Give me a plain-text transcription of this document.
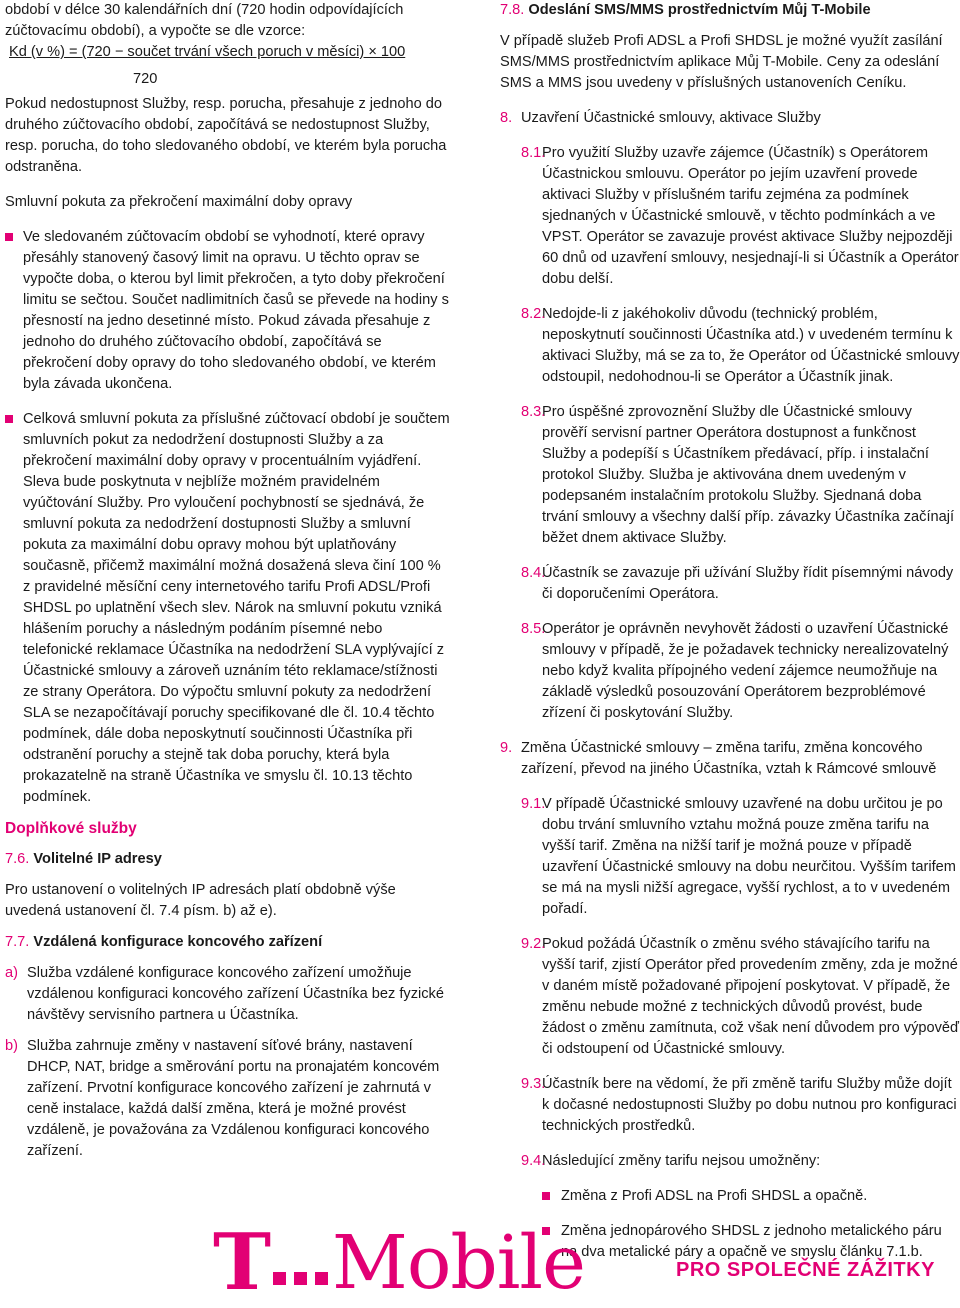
období v délce 30 kalendářních dní (720 hodin odpovídajících zúčtovacímu období), a vypočte se dle vzorce:

Kd (v %) = (720 − součet trvání všech poruch v měsíci) × 100
720

Pokud nedostupnost Služby, resp. porucha, přesahuje z jednoho do druhého zúčtovacího období, započítává se nedostupnost Služby, resp. porucha, do toho sledovaného období, ve kterém byla porucha odstraněna.

Smluvní pokuta za překročení maximální doby opravy

Ve sledovaném zúčtovacím období se vyhodnotí, které opravy přesáhly stanovený časový limit na opravu. U těchto oprav se vypočte doba, o kterou byl limit překročen, a tyto doby překročení limitu se sečtou. Součet nadlimitních časů se převede na hodiny s přesností na jedno desetinné místo. Pokud závada přesahuje z jednoho do druhého zúčtovacího období, započítává se překročení doby opravy do toho sledovaného období, ve kterém byla závada ukončena.

Celková smluvní pokuta za příslušné zúčtovací období je součtem smluvních pokut za nedodržení dostupnosti Služby a za překročení maximální doby opravy v procentuálním vyjádření. Sleva bude poskytnuta v nejblíže možném pravidelném vyúčtování Služby. Pro vyloučení pochybností se sjednává, že smluvní pokuta za nedodržení dostupnosti Služby a smluvní pokuta za maximální dobu opravy mohou být uplatňovány současně, přičemž maximální možná dosažená sleva činí 100 % z pravidelné měsíční ceny internetového tarifu Profi ADSL/Profi SHDSL po uplatnění všech slev. Nárok na smluvní pokutu vzniká hlášením poruchy a následným podáním písemné nebo telefonické reklamace Účastníka na nedodržení SLA vyplývající z Účastnické smlouvy a zároveň uznáním této reklamace/stížnosti ze strany Operátora. Do výpočtu smluvní pokuty za nedodržení SLA se nezapočítávají poruchy specifikované dle čl. 10.4 těchto podmínek, dále doba neposkytnutí součinnosti Účastníka při odstranění poruchy a stejně tak doba poruchy, která byla prokazatelně na straně Účastníka ve smyslu čl. 10.13 těchto podmínek.

Doplňkové služby

7.6. Volitelné IP adresy

Pro ustanovení o volitelných IP adresách platí obdobně výše uvedená ustanovení čl. 7.4 písm. b) až e).

7.7. Vzdálená konfigurace koncového zařízení

a) Služba vzdálené konfigurace koncového zařízení umožňuje vzdálenou konfiguraci koncového zařízení Účastníka bez fyzické návštěvy servisního partnera u Účastníka.

b) Služba zahrnuje změny v nastavení síťové brány, nastavení DHCP, NAT, bridge a směrování portu na pronajatém koncovém zařízení. Prvotní konfigurace koncového zařízení je zahrnutá v ceně instalace, každá další změna, která je možné provést vzdáleně, je považována za Vzdálenou konfiguraci koncového zařízení.

7.8. Odeslání SMS/MMS prostřednictvím Můj T-Mobile

V případě služeb Profi ADSL a Profi SHDSL je možné využít zasílání SMS/MMS prostřednictvím aplikace Můj T-Mobile. Ceny za odeslání SMS a MMS jsou uvedeny v příslušných ustanoveních Ceníku.

8. Uzavření Účastnické smlouvy, aktivace Služby

8.1.

Pro využití Služby uzavře zájemce (Účastník) s Operátorem Účastnickou smlouvu. Operátor po jejím uzavření provede aktivaci Služby v příslušném tarifu zejména za podmínek sjednaných v Účastnické smlouvě, v těchto podmínkách a ve VPST. Operátor se zavazuje provést aktivace Služby nejpozději 60 dnů od uzavření smlouvy, nesjednají-li si Účastník a Operátor dobu delší.

8.2.

Nedojde-li z jakéhokoliv důvodu (technický problém, neposkytnutí součinnosti Účastníka atd.) v uvedeném termínu k aktivaci Služby, má se za to, že Operátor od Účastnické smlouvy odstoupil, nedohodnou-li se Operátor a Účastník jinak.

8.3.

Pro úspěšné zprovoznění Služby dle Účastnické smlouvy prověří servisní partner Operátora dostupnost a funkčnost Služby a podepíší s Účastníkem předávací, příp. i instalační protokol Služby. Služba je aktivována dnem uvedeným v podepsaném instalačním protokolu Služby. Sjednaná doba trvání smlouvy a všechny další příp. závazky Účastníka začínají běžet dnem aktivace Služby.

8.4.

Účastník se zavazuje při užívání Služby řídit písemnými návody či doporučeními Operátora.

8.5.

Operátor je oprávněn nevyhovět žádosti o uzavření Účastnické smlouvy v případě, že je požadavek technicky nerealizovatelný nebo když kvalita přípojného vedení zájemce neumožňuje na základě výsledků posouzování Operátorem bezproblémové zřízení či poskytování Služby.

9. Změna Účastnické smlouvy – změna tarifu, změna koncového zařízení, převod na jiného Účastníka, vztah k Rámcové smlouvě

9.1.

V případě Účastnické smlouvy uzavřené na dobu určitou je po dobu trvání smluvního vztahu možná pouze změna tarifu na vyšší tarif. Změna na nižší tarif je možná pouze v případě uzavření Účastnické smlouvy na dobu neurčitou. Vyšším tarifem se má na mysli nižší agregace, vyšší rychlost, a to v uvedeném pořadí.

9.2.

Pokud požádá Účastník o změnu svého stávajícího tarifu na vyšší tarif, zjistí Operátor před provedením změny, zda je možné v daném místě požadované připojení poskytovat. V případě, že změnu nebude možné z technických důvodů provést, bude žádost o změnu zamítnuta, což však není důvodem pro výpověď či odstoupení od Účastnické smlouvy.

9.3.

Účastník bere na vědomí, že při změně tarifu Služby může dojít k dočasné nedostupnosti Služby po dobu nutnou pro konfiguraci technických prostředků.

9.4.

Následující změny tarifu nejsou umožněny:

Změna z Profi ADSL na Profi SHDSL a opačně.

Změna jednopárového SHDSL z jednoho metalického páru na dva metalické páry a opačně ve smyslu článku 7.1.b.

T Mobile	PRO SPOLEČNÉ ZÁŽITKY
